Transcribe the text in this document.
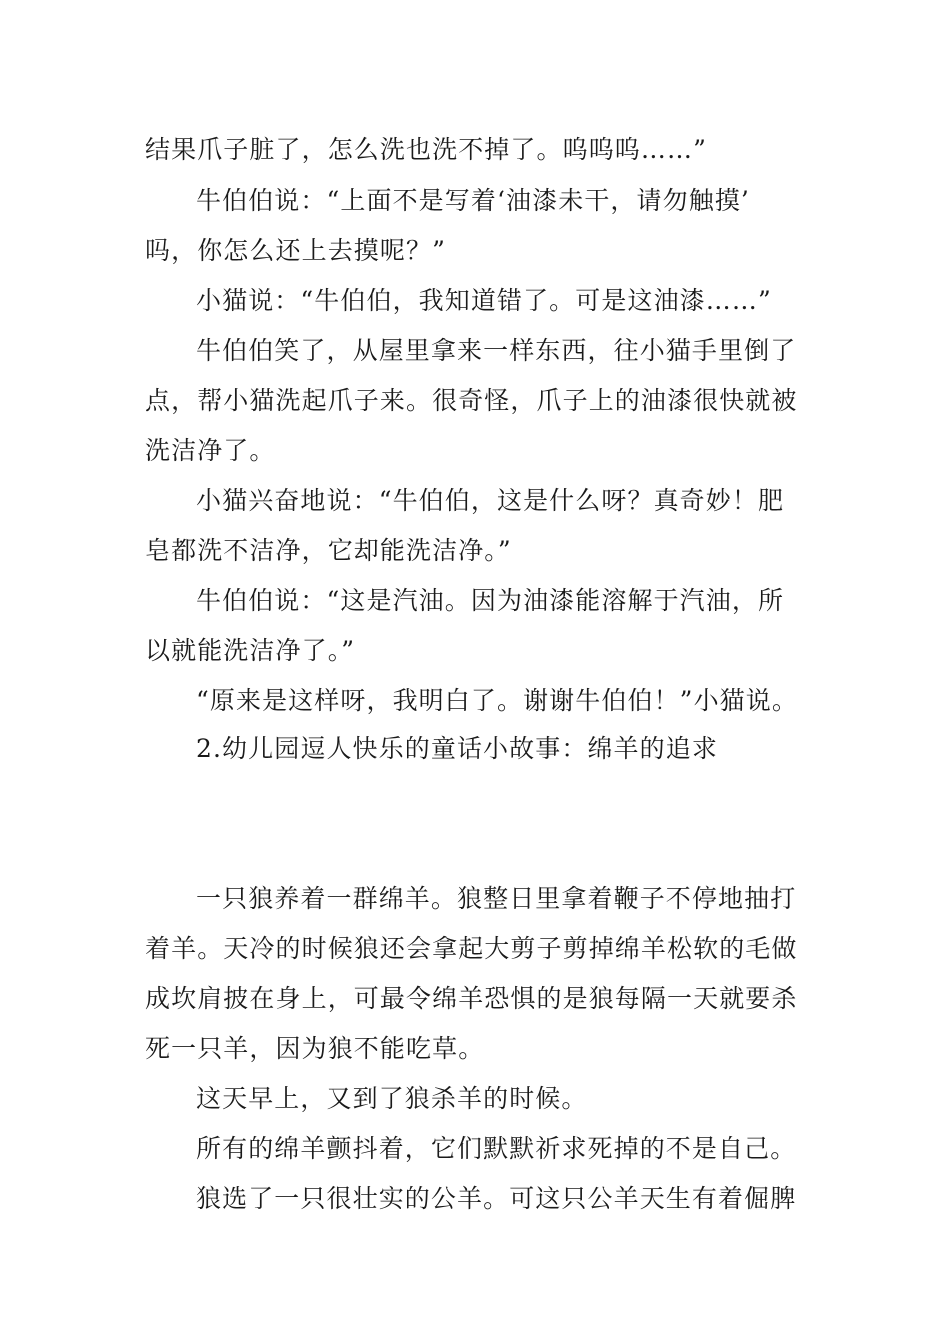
结果爪子脏了，怎么洗也洗不掉了。呜呜呜……”
牛伯伯说：“上面不是写着‘油漆未干，请勿触摸’
吗，你怎么还上去摸呢？”
小猫说：“牛伯伯，我知道错了。可是这油漆……”
牛伯伯笑了，从屋里拿来一样东西，往小猫手里倒了
点，帮小猫洗起爪子来。很奇怪，爪子上的油漆很快就被
洗洁净了。
小猫兴奋地说：“牛伯伯，这是什么呀？真奇妙！肥
皂都洗不洁净，它却能洗洁净。”
牛伯伯说：“这是汽油。因为油漆能溶解于汽油，所
以就能洗洁净了。”
“原来是这样呀，我明白了。谢谢牛伯伯！”小猫说。
2.幼儿园逗人快乐的童话小故事：绵羊的追求
一只狼养着一群绵羊。狼整日里拿着鞭子不停地抽打
着羊。天冷的时候狼还会拿起大剪子剪掉绵羊松软的毛做
成坎肩披在身上，可最令绵羊恐惧的是狼每隔一天就要杀
死一只羊，因为狼不能吃草。
这天早上，又到了狼杀羊的时候。
所有的绵羊颤抖着，它们默默祈求死掉的不是自己。
狼选了一只很壮实的公羊。可这只公羊天生有着倔脾
